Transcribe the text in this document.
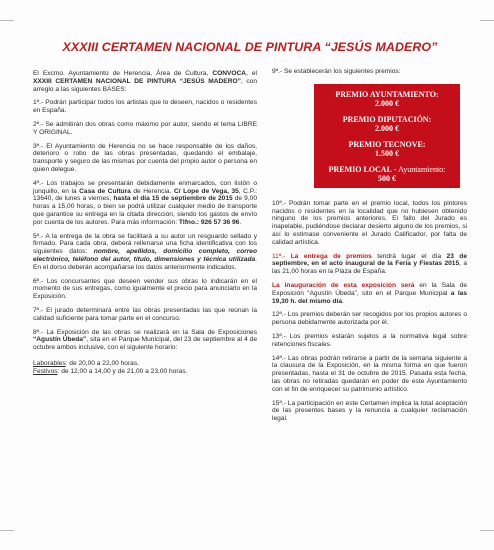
XXXIII CERTAMEN NACIONAL DE PINTURA “JESÚS MADERO”

El Excmo. Ayuntamiento de Herencia, Área de Cultura, CONVOCA, el XXXIII CERTAMEN NACIONAL DE PINTURA “JESÚS MADERO”, con arreglo a las siguientes BASES:

1ª.- Podrán participar todos los artistas que lo deseen, nacidos o residentes en España.

2ª.- Se admitirán dos obras como máximo por autor, siendo el tema LIBRE Y ORIGINAL.

3ª.- El Ayuntamiento de Herencia no se hace responsable de los daños, deterioro o robo de las obras presentadas, quedando el embalaje, transporte y seguro de las mismas por cuenta del propio autor o persona en quien delegue.

4ª.- Los trabajos se presentarán debidamente enmarcados, con listón o junquillo, en la Casa de Cultura de Herencia. C/ Lope de Vega, 35, C.P.: 13640, de lunes a viernes, hasta el día 15 de septiembre de 2015 de 9,00 horas a 15,00 horas, o bien se podrá utilizar cualquier medio de transporte que garantice su entrega en la citada dirección, siendo los gastos de envío por cuenta de los autores. Para más información: Tlfno.: 926 57 36 96.

5ª.- A la entrega de la obra se facilitará a su autor un resguardo sellado y firmado. Para cada obra, deberá rellenarse una ficha identificativa con los siguientes datos: nombre, apellidos, domicilio completo, correo electrónico, teléfono del autor, título, dimensiones y técnica utilizada. En el dorso deberán acompañarse los datos anteriormente indicados.

6ª.- Los concursantes que deseen vender sus obras lo indicarán en el momento de sus entregas, como igualmente el precio para anunciarlo en la Exposición.

7ª.- El jurado determinará entre las obras presentadas las que reúnan la calidad suficiente para tomar parte en el concurso.

8ª.- La Exposición de las obras se realizará en la Sala de Exposiciones “Agustín Úbeda”, sita en el Parque Municipal, del 23 de septiembre al 4 de octubre ambos inclusive, con el siguiente horario:

Laborables: de 20,00 a 22,00 horas.
Festivos: de 12,00 a 14,00 y de 21,00 a 23,00 horas.

9ª.- Se establecerán los siguientes premios:

PREMIO AYUNTAMIENTO:
2.000 €
PREMIO DIPUTACIÓN:
2.000 €
PREMIO TECNOVE:
1.500 €
PREMIO LOCAL - Ayuntamiento:
500 €

10ª.- Podrán tomar parte en el premio local, todos los pintores nacidos o residentes en la localidad que no hubiesen obtenido ninguno de los premios anteriores. El fallo del Jurado es inapelable, pudiéndose declarar desierto alguno de los premios, si así lo estimase conveniente el Jurado Calificador, por falta de calidad artística.

11ª.- La entrega de premios tendrá lugar el día 23 de septiembre, en el acto inaugural de la Feria y Fiestas 2015, a las 21,00 horas en la Plaza de España.

La inauguración de esta exposición será en la Sala de Exposición “Agustín Úbeda”, sito en el Parque Municipal a las 19,30 h. del mismo día.

12ª.- Los premios deberán ser recogidos por los propios autores o persona debidamente autorizada por él.

13ª.- Los premios estarán sujetos a la normativa legal sobre retenciones fiscales.

14ª.- Las obras podrán retirarse a partir de la semana siguiente a la clausura de la Exposición, en la misma forma en que fueron presentadas, hasta el 31 de octubre de 2015. Pasada esta fecha, las obras no retiradas quedarán en poder de este Ayuntamiento con el fin de enriquecer su patrimonio artístico.

15ª.- La participación en este Certamen implica la total aceptación de las presentes bases y la renuncia a cualquier reclamación legal.
